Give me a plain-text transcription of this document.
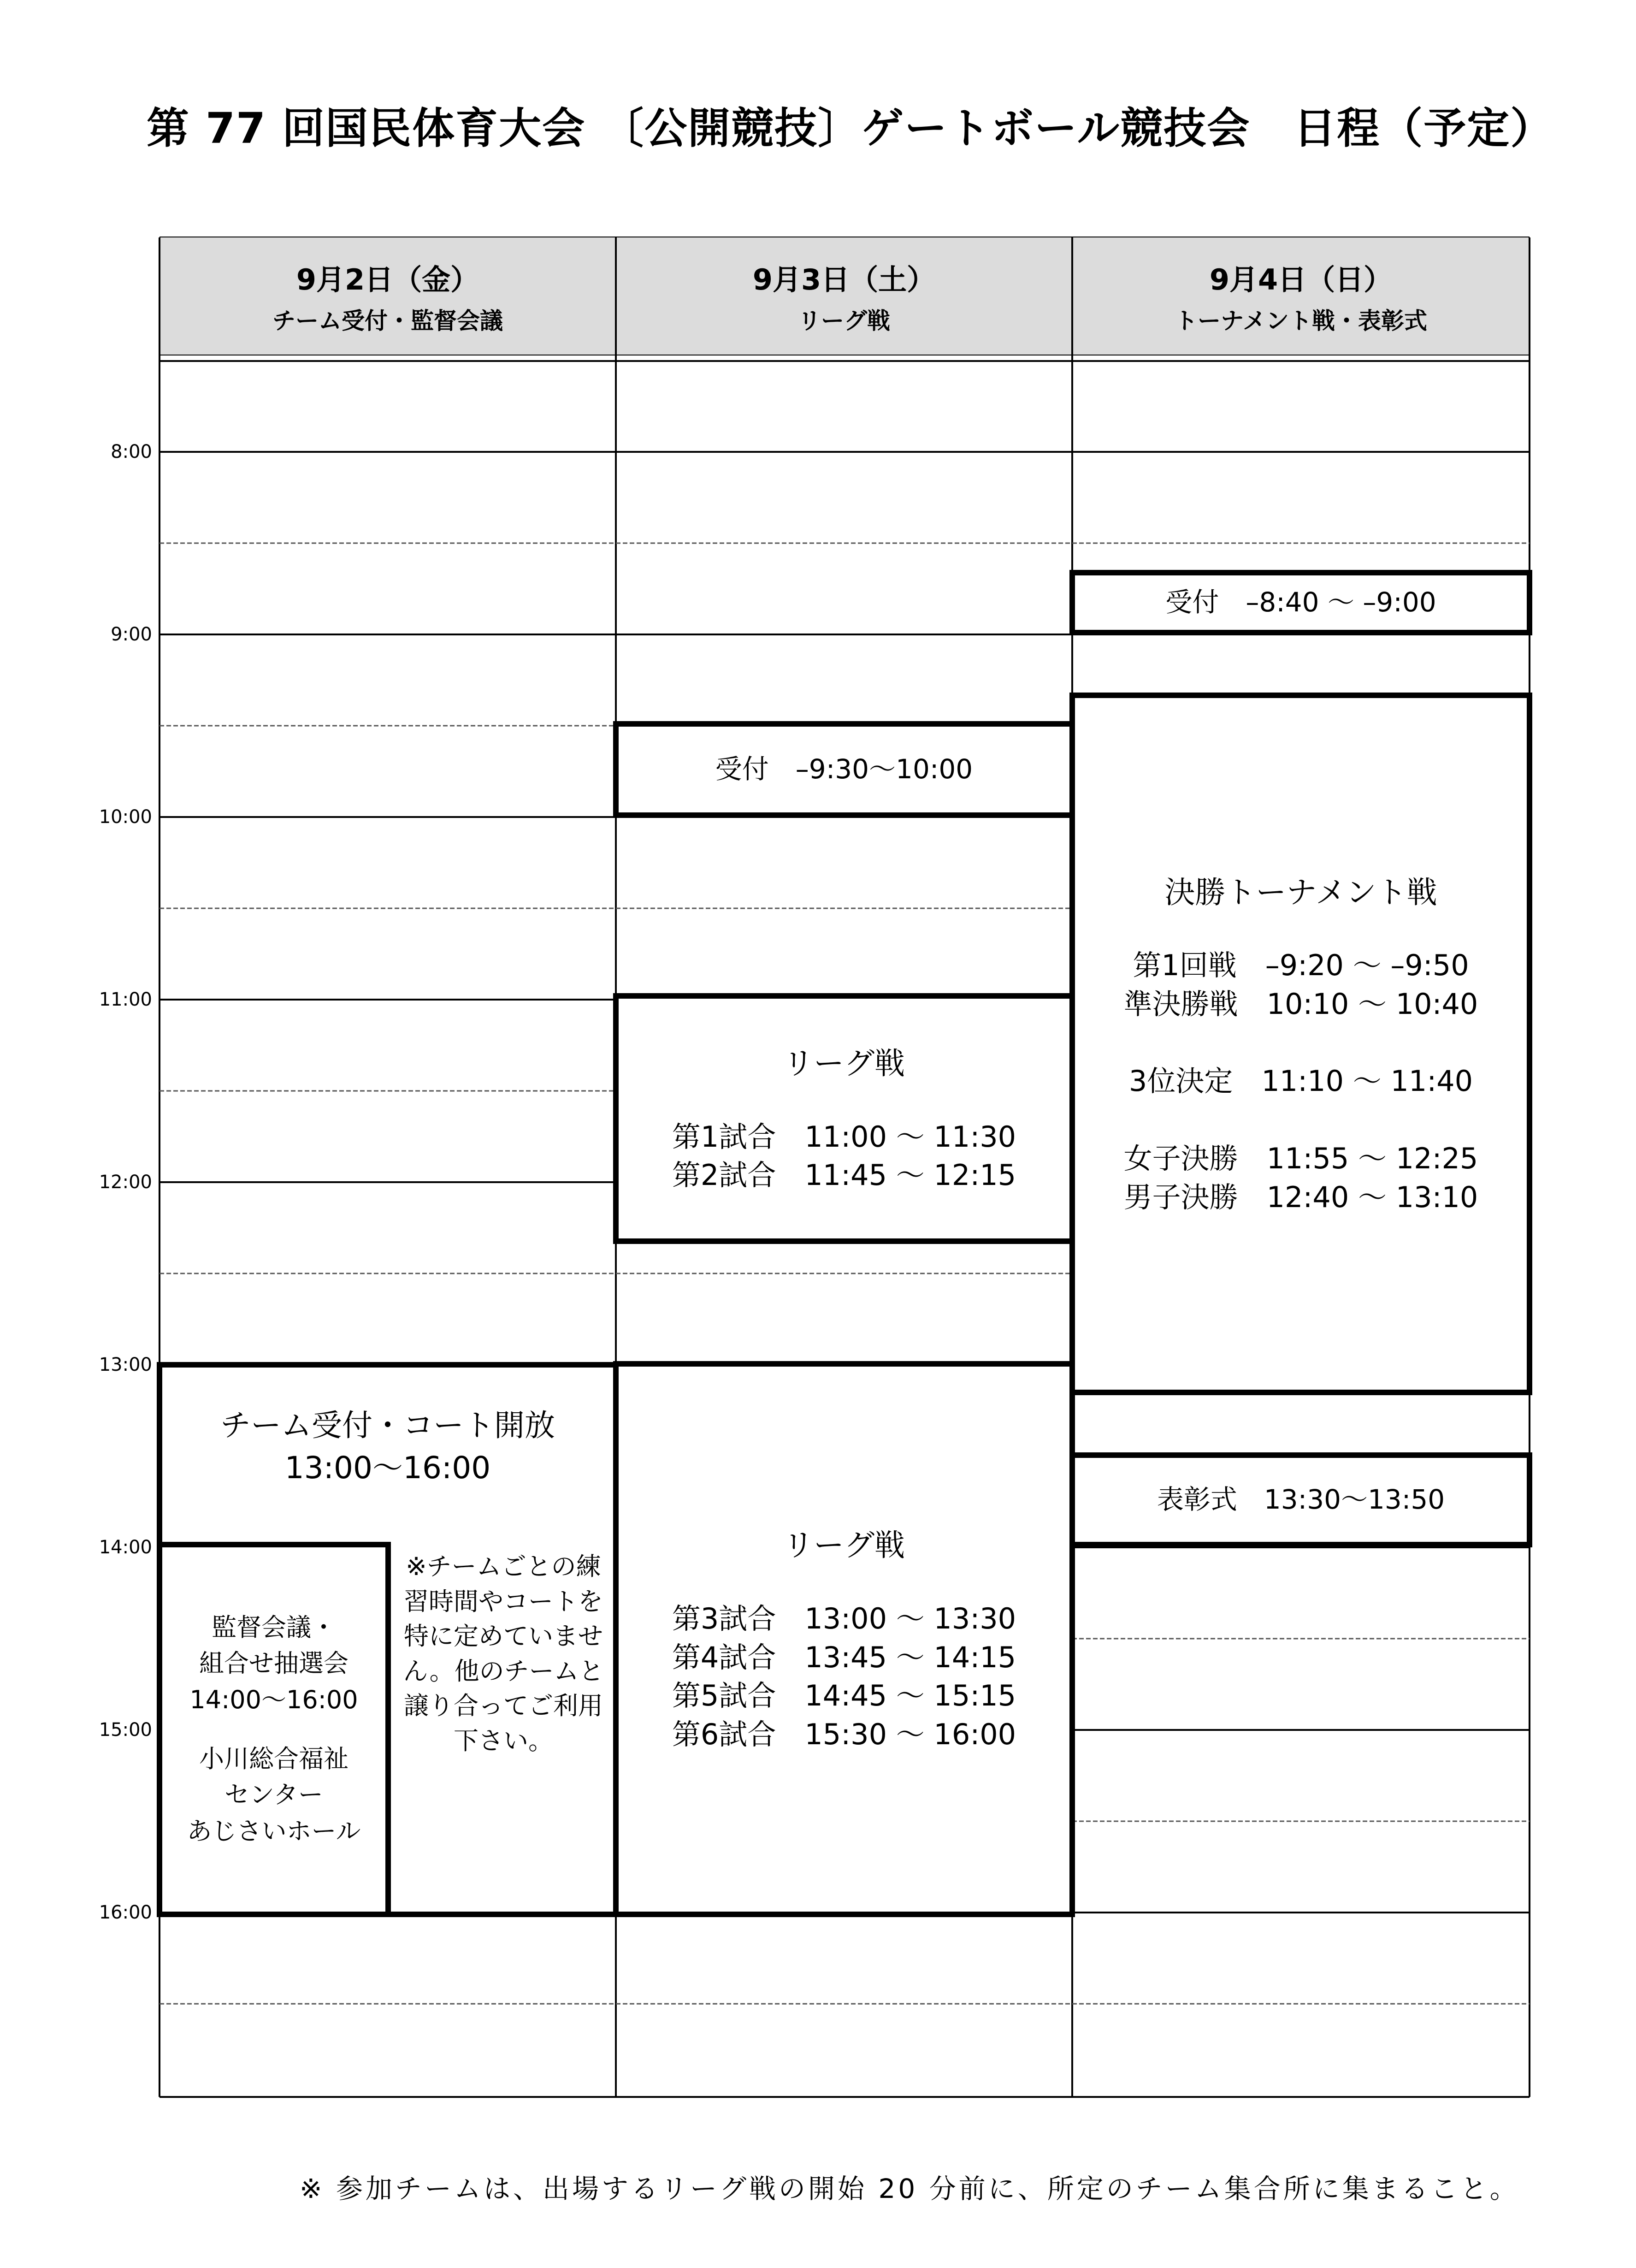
第 77 回国民体育大会 〔公開競技〕ゲートボール競技会　日程（予定）
9月2日（金）
チーム受付・監督会議
9月3日（土）
リーグ戦
9月4日（日）
トーナメント戦・表彰式
8:00
9:00
10:00
11:00
12:00
13:00
14:00
15:00
16:00
チーム受付・コート開放
13:00～16:00
監督会議・
組合せ抽選会
14:00～16:00
小川総合福祉
センター
あじさいホール
※チームごとの練
習時間やコートを
特に定めていませ
ん。他のチームと
譲り合ってご利用
下さい。
受付　–9:30～10:00
リーグ戦
第1試合　11:00 ～ 11:30
第2試合　11:45 ～ 12:15
リーグ戦
第3試合　13:00 ～ 13:30
第4試合　13:45 ～ 14:15
第5試合　14:45 ～ 15:15
第6試合　15:30 ～ 16:00
受付　–8:40 ～ –9:00
決勝トーナメント戦
第1回戦　–9:20 ～ –9:50
準決勝戦　10:10 ～ 10:40
3位決定　11:10 ～ 11:40
女子決勝　11:55 ～ 12:25
男子決勝　12:40 ～ 13:10
表彰式　13:30～13:50
※ 参加チームは、出場するリーグ戦の開始 20 分前に、所定のチーム集合所に集まること。
